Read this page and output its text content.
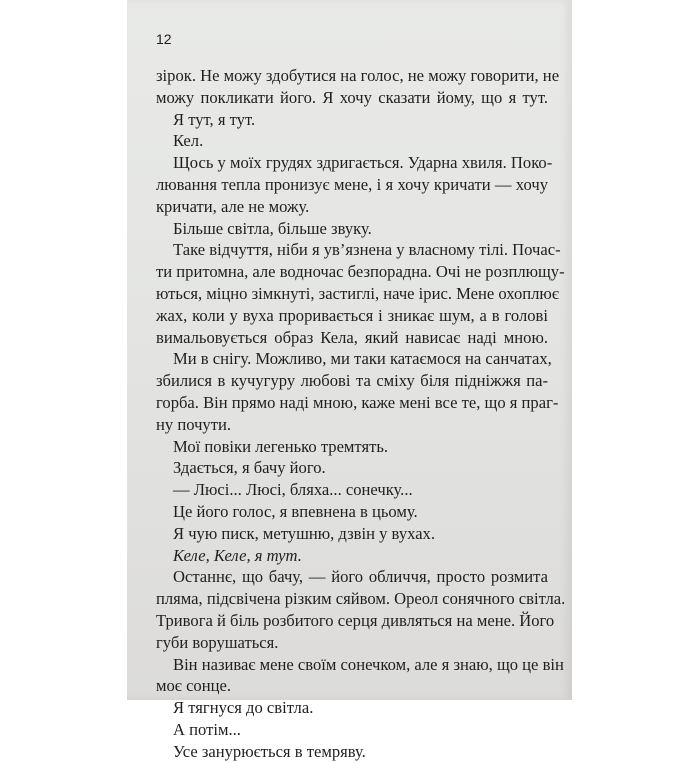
12
зірок. Не можу здобутися на голос, не можу говорити, не
можу покликати його. Я хочу сказати йому, що я тут.
Я тут, я тут.
Кел.
Щось у моїх грудях здригається. Ударна хвиля. Поко-
лювання тепла пронизує мене, і я хочу кричати — хочу
кричати, але не можу.
Більше світла, більше звуку.
Таке відчуття, ніби я ув’язнена у власному тілі. Почас-
ти притомна, але водночас безпорадна. Очі не розплющу-
ються, міцно зімкнуті, застиглі, наче ірис. Мене охоплює
жах, коли у вуха проривається і зникає шум, а в голові
вимальовується образ Кела, який нависає наді мною.
Ми в снігу. Можливо, ми таки катаємося на санчатах,
збилися в кучугуру любові та сміху біля підніжжя па-
горба. Він прямо наді мною, каже мені все те, що я праг-
ну почути.
Мої повіки легенько тремтять.
Здається, я бачу його.
— Люсі... Люсі, бляха... сонечку...
Це його голос, я впевнена в цьому.
Я чую писк, метушню, дзвін у вухах.
Келе, Келе, я тут.
Останнє, що бачу, — його обличчя, просто розмита
пляма, підсвічена різким сяйвом. Ореол сонячного світла.
Тривога й біль розбитого серця дивляться на мене. Його
губи ворушаться.
Він називає мене своїм сонечком, але я знаю, що це він
моє сонце.
Я тягнуся до світла.
А потім...
Усе занурюється в темряву.
